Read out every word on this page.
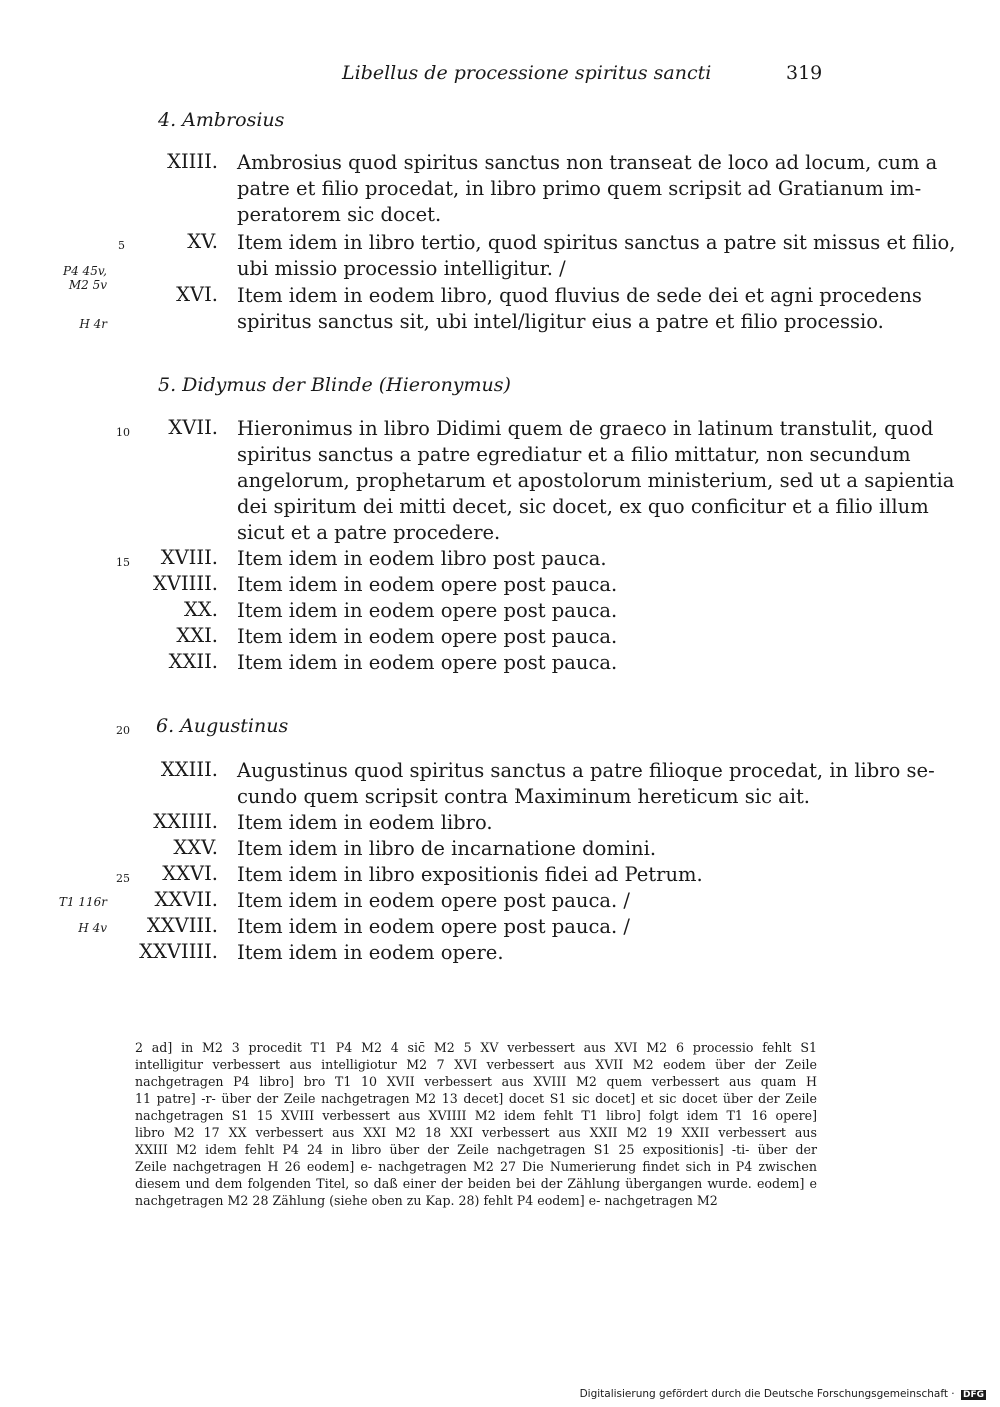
Libellus de processione spiritus sancti	319
4. Ambrosius
5. Didymus der Blinde (Hieronymus)
6. Augustinus
XIIII.
XV.
XVI.
XVII.
XVIII.
XVIIII.
XX.
XXI.
XXII.
XXIII.
XXIIII.
XXV.
XXVI.
XXVII.
XXVIII.
XXVIIII.
Ambrosius quod spiritus sanctus non transeat de loco ad locum, cum a
patre et filio procedat, in libro primo quem scripsit ad Gratianum im-
peratorem sic docet.
Item idem in libro tertio, quod spiritus sanctus a patre sit missus et filio,
ubi missio processio intelligitur. /
Item idem in eodem libro, quod fluvius de sede dei et agni procedens
spiritus sanctus sit, ubi intel/ligitur eius a patre et filio processio.
Hieronimus in libro Didimi quem de graeco in latinum transtulit, quod
spiritus sanctus a patre egrediatur et a filio mittatur, non secundum
angelorum, prophetarum et apostolorum ministerium, sed ut a sapientia
dei spiritum dei mitti decet, sic docet, ex quo conficitur et a filio illum
sicut et a patre procedere.
Item idem in eodem libro post pauca.
Item idem in eodem opere post pauca.
Item idem in eodem opere post pauca.
Item idem in eodem opere post pauca.
Item idem in eodem opere post pauca.
Augustinus quod spiritus sanctus a patre filioque procedat, in libro se-
cundo quem scripsit contra Maximinum hereticum sic ait.
Item idem in eodem libro.
Item idem in libro de incarnatione domini.
Item idem in libro expositionis fidei ad Petrum.
Item idem in eodem opere post pauca. /
Item idem in eodem opere post pauca. /
Item idem in eodem opere.
5
10
15
20
25
P4 45v,
M2 5v
H 4r
T1 116r
H 4v
2 ad] in M2 3 procedit T1 P4 M2 4 sic̄ M2 5 XV verbessert aus XVI M2 6 processio fehlt S1
intelligitur verbessert aus intelligiotur M2 7 XVI verbessert aus XVII M2 eodem über der Zeile
nachgetragen P4 libro] bro T1 10 XVII verbessert aus XVIII M2 quem verbessert aus quam H
11 patre] -r- über der Zeile nachgetragen M2 13 decet] docet S1 sic docet] et sic docet über der Zeile
nachgetragen S1 15 XVIII verbessert aus XVIIII M2 idem fehlt T1 libro] folgt idem T1 16 opere]
libro M2 17 XX verbessert aus XXI M2 18 XXI verbessert aus XXII M2 19 XXII verbessert aus
XXIII M2 idem fehlt P4 24 in libro über der Zeile nachgetragen S1 25 expositionis] -ti- über der
Zeile nachgetragen H 26 eodem] e- nachgetragen M2 27 Die Numerierung findet sich in P4 zwischen
diesem und dem folgenden Titel, so daß einer der beiden bei der Zählung übergangen wurde. eodem] e
nachgetragen M2 28 Zählung (siehe oben zu Kap. 28) fehlt P4 eodem] e- nachgetragen M2
Digitalisierung gefördert durch die Deutsche Forschungsgemeinschaft · DFG
